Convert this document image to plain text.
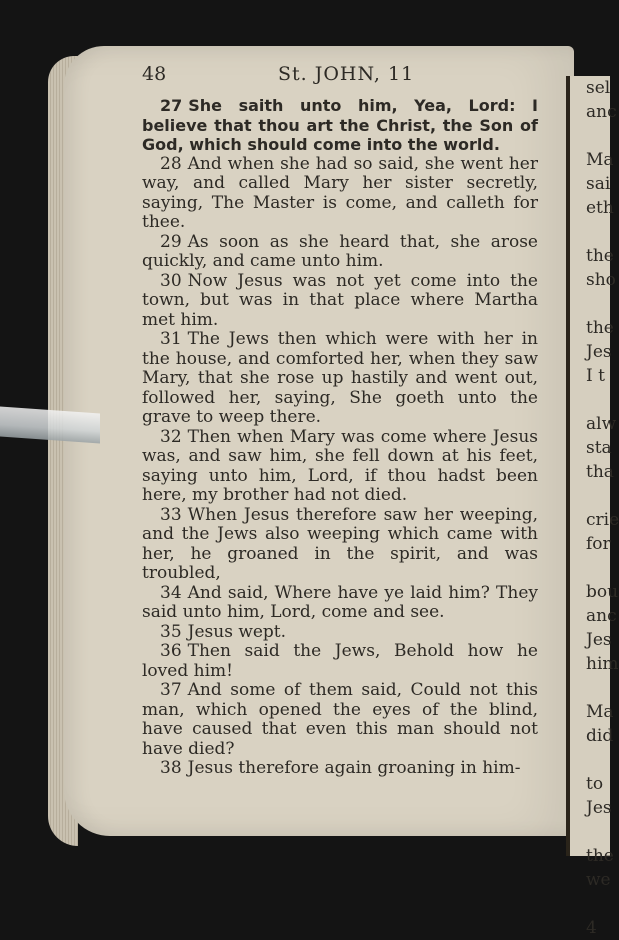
sel
anc

Ma
sai
eth

the
sho

the
Jes
I t

alw
sta
tha

crie
for

bou
anc
Jes
him

Ma
did

to
Jes

the
we

4
48	St. JOHN, 11

27 She saith unto him, Yea, Lord: I believe that thou art the Christ, the Son of God, which should come into the world.

28 And when she had so said, she went her way, and called Mary her sister secretly, saying, The Master is come, and calleth for thee.

29 As soon as she heard that, she arose quickly, and came unto him.

30 Now Jesus was not yet come into the town, but was in that place where Martha met him.

31 The Jews then which were with her in the house, and comforted her, when they saw Mary, that she rose up hastily and went out, followed her, saying, She goeth unto the grave to weep there.

32 Then when Mary was come where Jesus was, and saw him, she fell down at his feet, saying unto him, Lord, if thou hadst been here, my brother had not died.

33 When Jesus therefore saw her weeping, and the Jews also weeping which came with her, he groaned in the spirit, and was troubled,

34 And said, Where have ye laid him? They said unto him, Lord, come and see.

35 Jesus wept.

36 Then said the Jews, Behold how he loved him!

37 And some of them said, Could not this man, which opened the eyes of the blind, have caused that even this man should not have died?

38 Jesus therefore again groaning in him-
